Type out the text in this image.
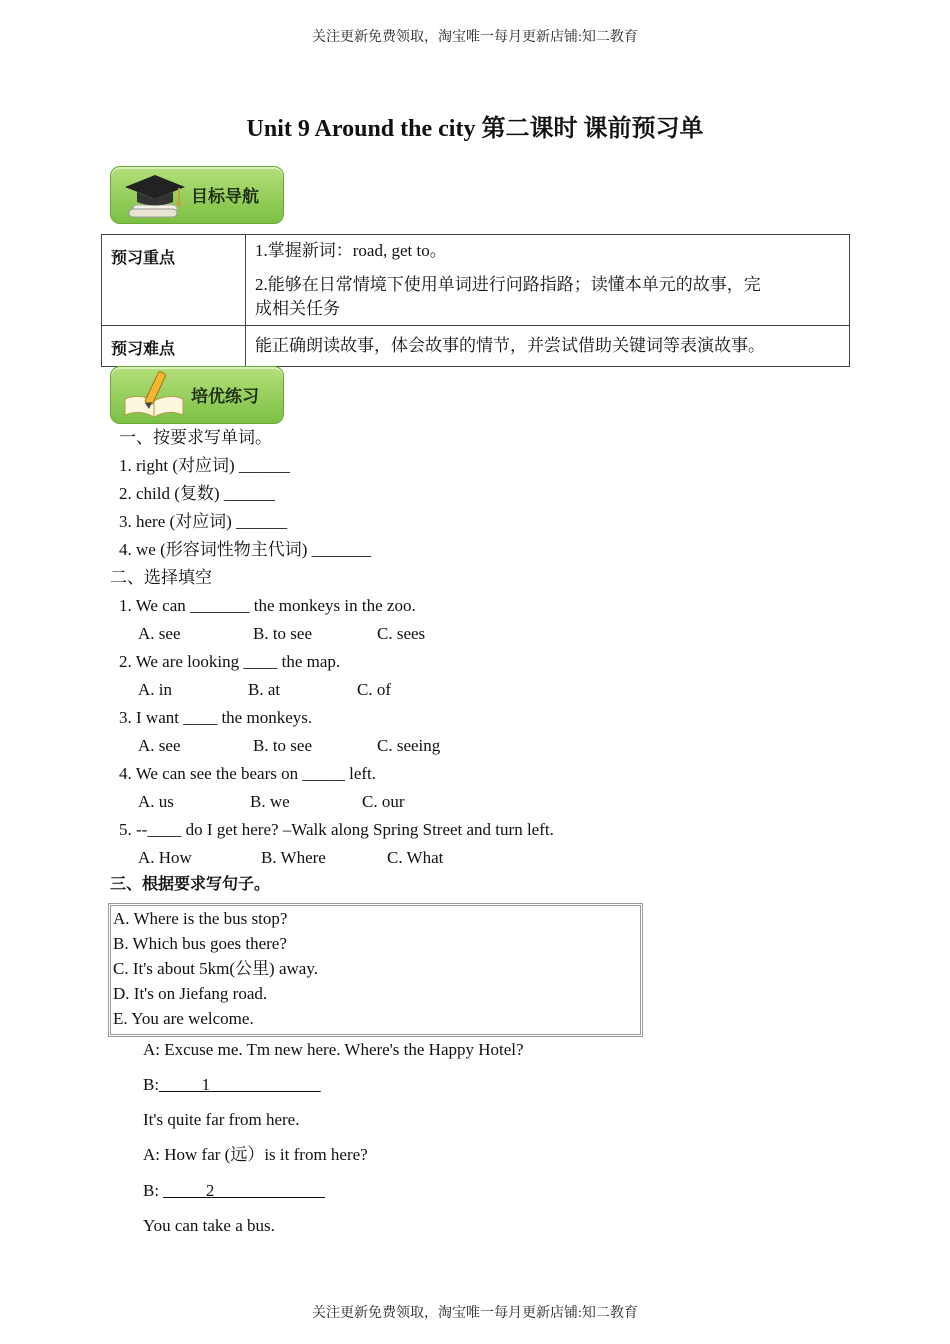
关注更新免费领取，淘宝唯一每月更新店铺:知二教育
Unit 9 Around the city 第二课时 课前预习单
目标导航
预习重点	1.掌握新词：road, get to。

2.能够在日常情境下使用单词进行问路指路；读懂本单元的故事，完

成相关任务

预习难点	能正确朗读故事，体会故事的情节，并尝试借助关键词等表演故事。

培优练习
一、按要求写单词。
1. right (对应词) ______
2. child (复数) ______
3. here (对应词) ______
4. we (形容词性物主代词) _______
二、选择填空
1. We can _______ the monkeys in the zoo.
A. see	B. to see	C. sees
2. We are looking ____ the map.
A. in	B. at	C. of
3. I want ____ the monkeys.
A. see	B. to see	C. seeing
4. We can see the bears on _____ left.
A. us	B. we	C. our
5. --____ do I get here? –Walk along Spring Street and turn left.
A. How	B. Where	C. What
三、根据要求写句子。
A. Where is the bus stop?
B. Which bus goes there?
C. It's about 5km(公里) away.
D. It's on Jiefang road.
E. You are welcome.
A: Excuse me. Tm new here. Where's the Happy Hotel?
B:_____1_____________
It's quite far from here.
A: How far (远）is it from here?
B: _____2_____________
You can take a bus.
关注更新免费领取，淘宝唯一每月更新店铺:知二教育
